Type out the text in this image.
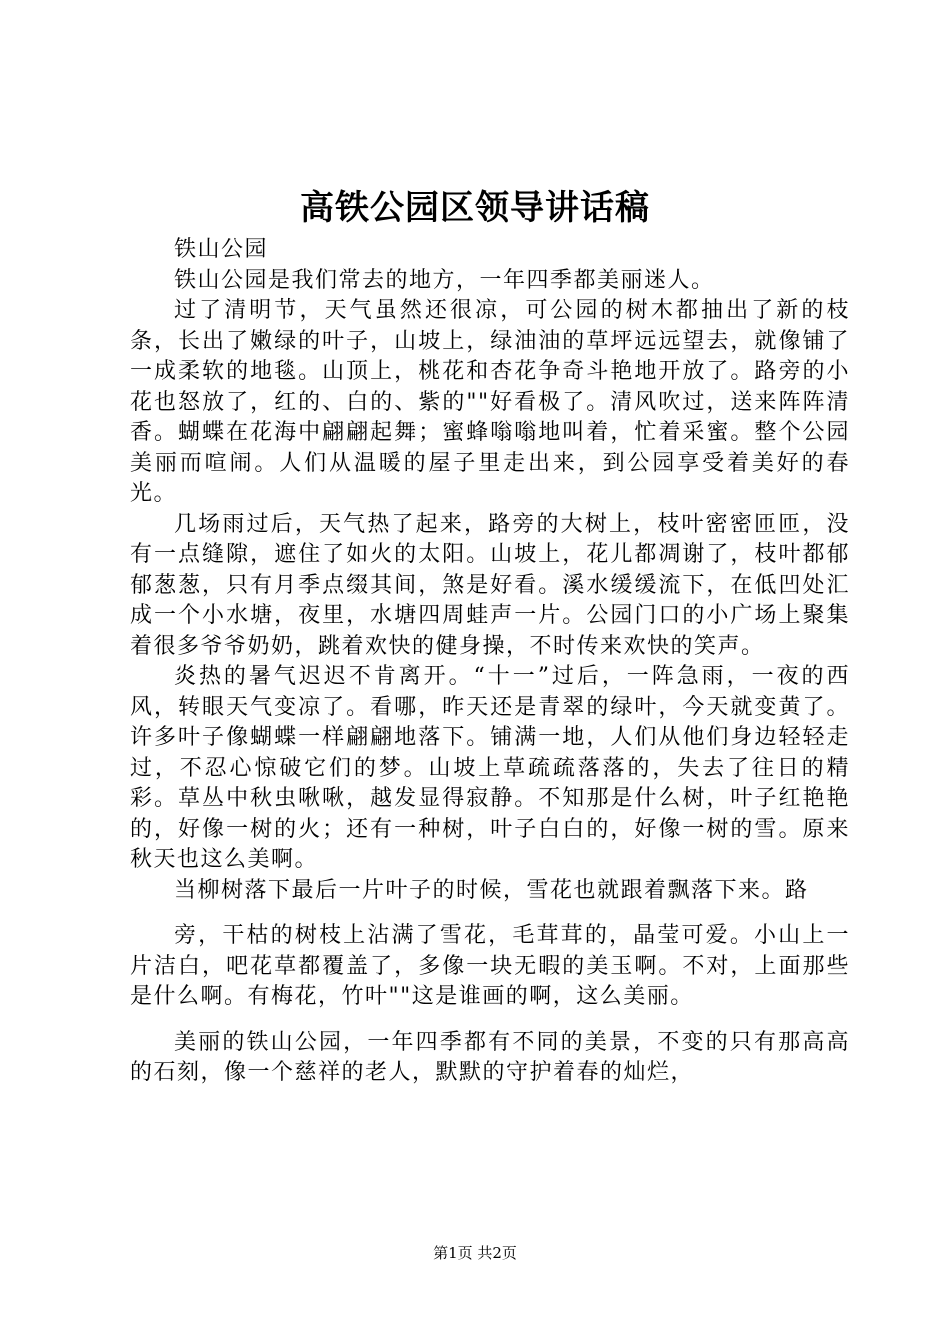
高铁公园区领导讲话稿

铁山公园

铁山公园是我们常去的地方，一年四季都美丽迷人。

过了清明节，天气虽然还很凉，可公园的树木都抽出了新的枝条，长出了嫩绿的叶子，山坡上，绿油油的草坪远远望去，就像铺了一成柔软的地毯。山顶上，桃花和杏花争奇斗艳地开放了。路旁的小花也怒放了，红的、白的、紫的""好看极了。清风吹过，送来阵阵清香。蝴蝶在花海中翩翩起舞；蜜蜂嗡嗡地叫着，忙着采蜜。整个公园美丽而喧闹。人们从温暖的屋子里走出来，到公园享受着美好的春光。

几场雨过后，天气热了起来，路旁的大树上，枝叶密密匝匝，没有一点缝隙，遮住了如火的太阳。山坡上，花儿都凋谢了，枝叶都郁郁葱葱，只有月季点缀其间，煞是好看。溪水缓缓流下，在低凹处汇成一个小水塘，夜里，水塘四周蛙声一片。公园门口的小广场上聚集着很多爷爷奶奶，跳着欢快的健身操，不时传来欢快的笑声。

炎热的暑气迟迟不肯离开。“十一”过后，一阵急雨，一夜的西风，转眼天气变凉了。看哪，昨天还是青翠的绿叶，今天就变黄了。许多叶子像蝴蝶一样翩翩地落下。铺满一地，人们从他们身边轻轻走过，不忍心惊破它们的梦。山坡上草疏疏落落的，失去了往日的精彩。草丛中秋虫啾啾，越发显得寂静。不知那是什么树，叶子红艳艳的，好像一树的火；还有一种树，叶子白白的，好像一树的雪。原来秋天也这么美啊。

当柳树落下最后一片叶子的时候，雪花也就跟着飘落下来。路

旁，干枯的树枝上沾满了雪花，毛茸茸的，晶莹可爱。小山上一片洁白，吧花草都覆盖了，多像一块无暇的美玉啊。不对，上面那些是什么啊。有梅花，竹叶""这是谁画的啊，这么美丽。

美丽的铁山公园，一年四季都有不同的美景，不变的只有那高高的石刻，像一个慈祥的老人，默默的守护着春的灿烂，

第1页 共2页
